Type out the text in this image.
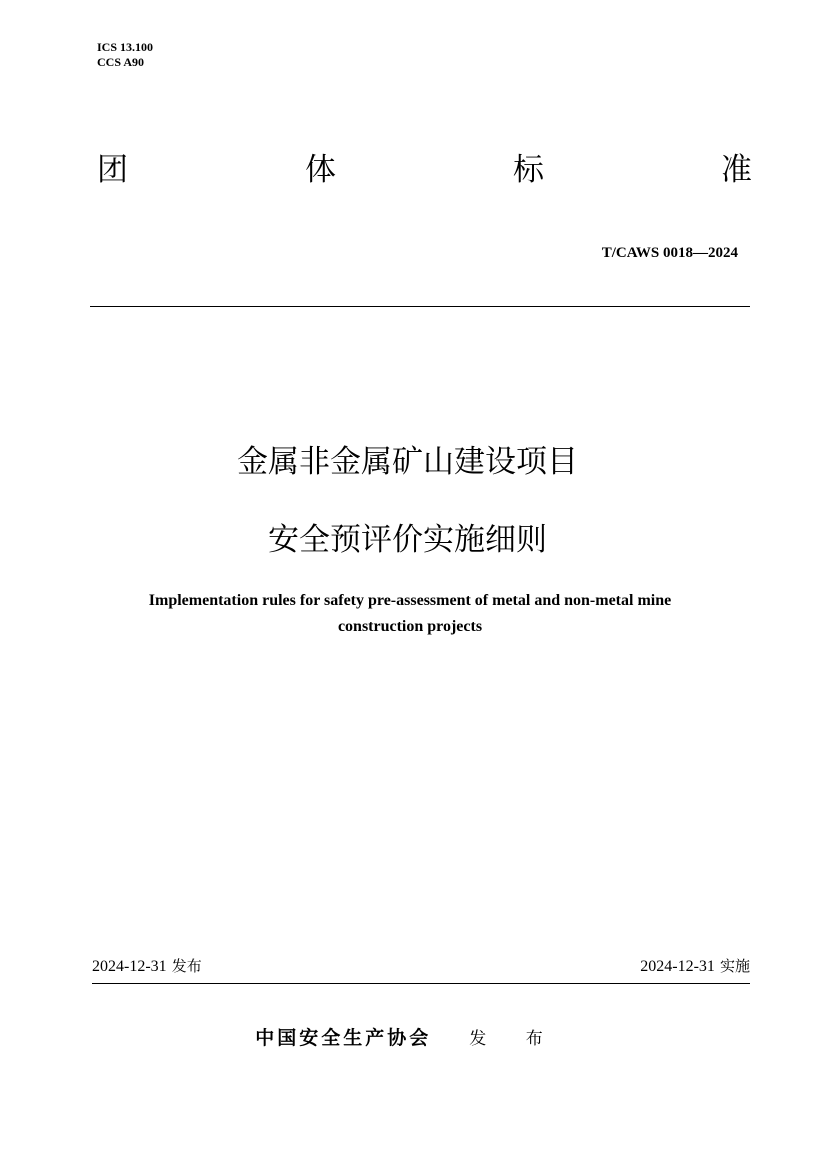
ICS 13.100
CCS A90
团	体	标	准
T/CAWS 0018—2024
金属非金属矿山建设项目
安全预评价实施细则
Implementation rules for safety pre-assessment of metal and non-metal mine
construction projects
2024-12-31 发布	2024-12-31 实施
中国安全生产协会 发 布
